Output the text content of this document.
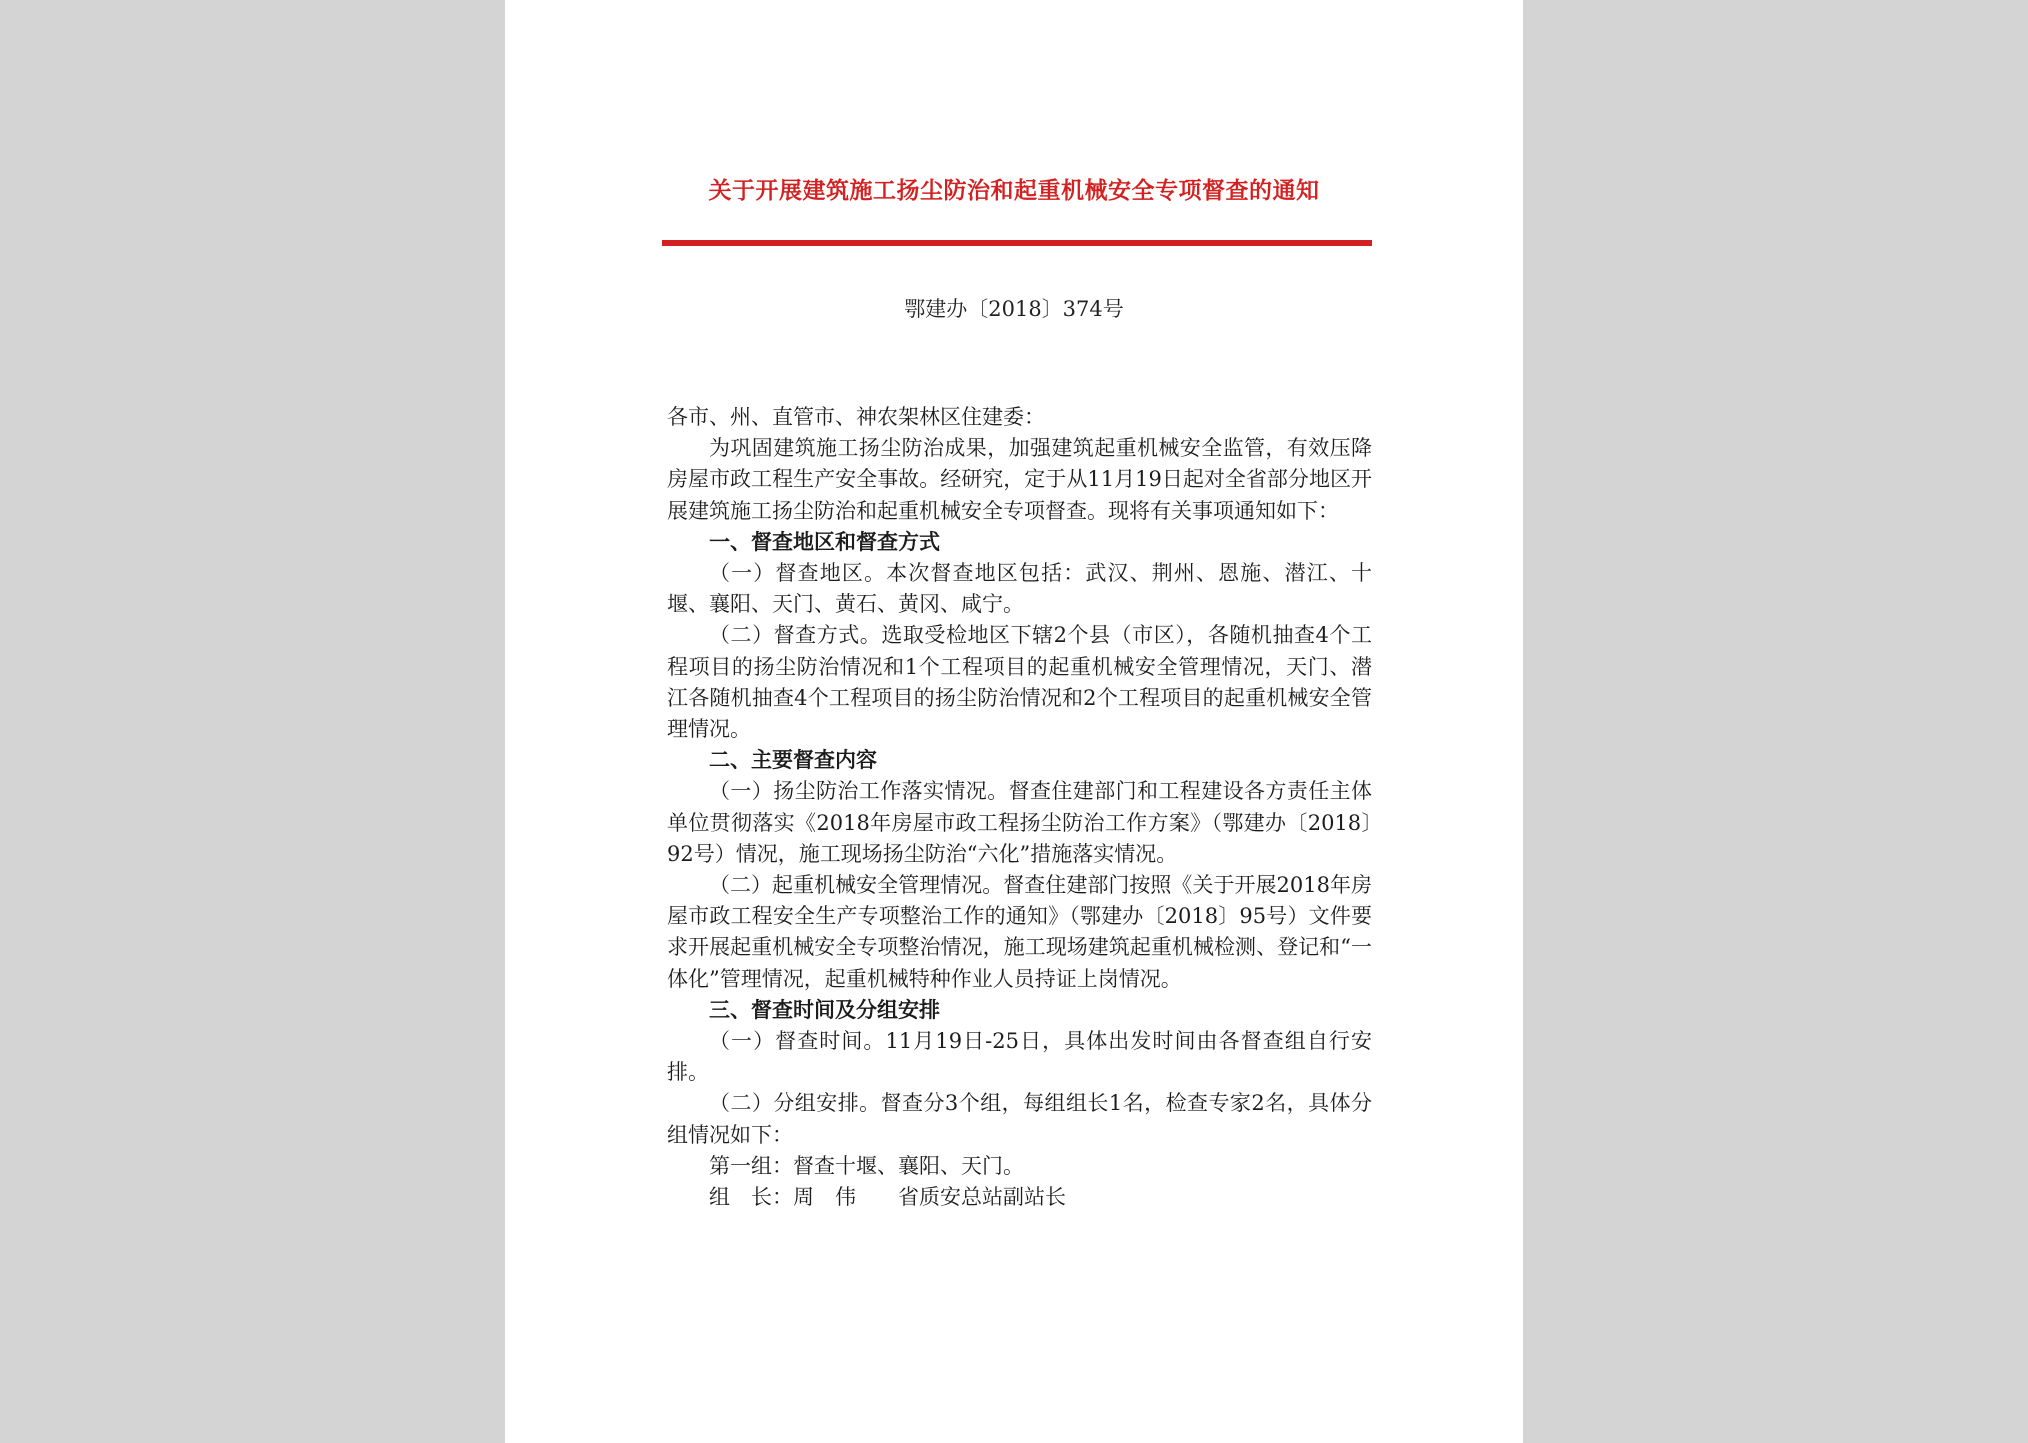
关于开展建筑施工扬尘防治和起重机械安全专项督查的通知
鄂建办〔2018〕374号

各市、州、直管市、神农架林区住建委：

为巩固建筑施工扬尘防治成果，加强建筑起重机械安全监管，有效压降房屋市政工程生产安全事故。经研究，定于从11月19日起对全省部分地区开展建筑施工扬尘防治和起重机械安全专项督查。现将有关事项通知如下：

一、督查地区和督查方式

（一）督查地区。本次督查地区包括：武汉、荆州、恩施、潜江、十堰、襄阳、天门、黄石、黄冈、咸宁。

（二）督查方式。选取受检地区下辖2个县（市区），各随机抽查4个工程项目的扬尘防治情况和1个工程项目的起重机械安全管理情况，天门、潜江各随机抽查4个工程项目的扬尘防治情况和2个工程项目的起重机械安全管理情况。

二、主要督查内容

（一）扬尘防治工作落实情况。督查住建部门和工程建设各方责任主体单位贯彻落实《2018年房屋市政工程扬尘防治工作方案》（鄂建办〔2018〕92号）情况，施工现场扬尘防治“六化”措施落实情况。

（二）起重机械安全管理情况。督查住建部门按照《关于开展2018年房屋市政工程安全生产专项整治工作的通知》（鄂建办〔2018〕95号）文件要求开展起重机械安全专项整治情况，施工现场建筑起重机械检测、登记和“一体化”管理情况，起重机械特种作业人员持证上岗情况。

三、督查时间及分组安排

（一）督查时间。11月19日-25日，具体出发时间由各督查组自行安排。

（二）分组安排。督查分3个组，每组组长1名，检查专家2名，具体分组情况如下：

第一组：督查十堰、襄阳、天门。

组　长：周　伟　　省质安总站副站长
